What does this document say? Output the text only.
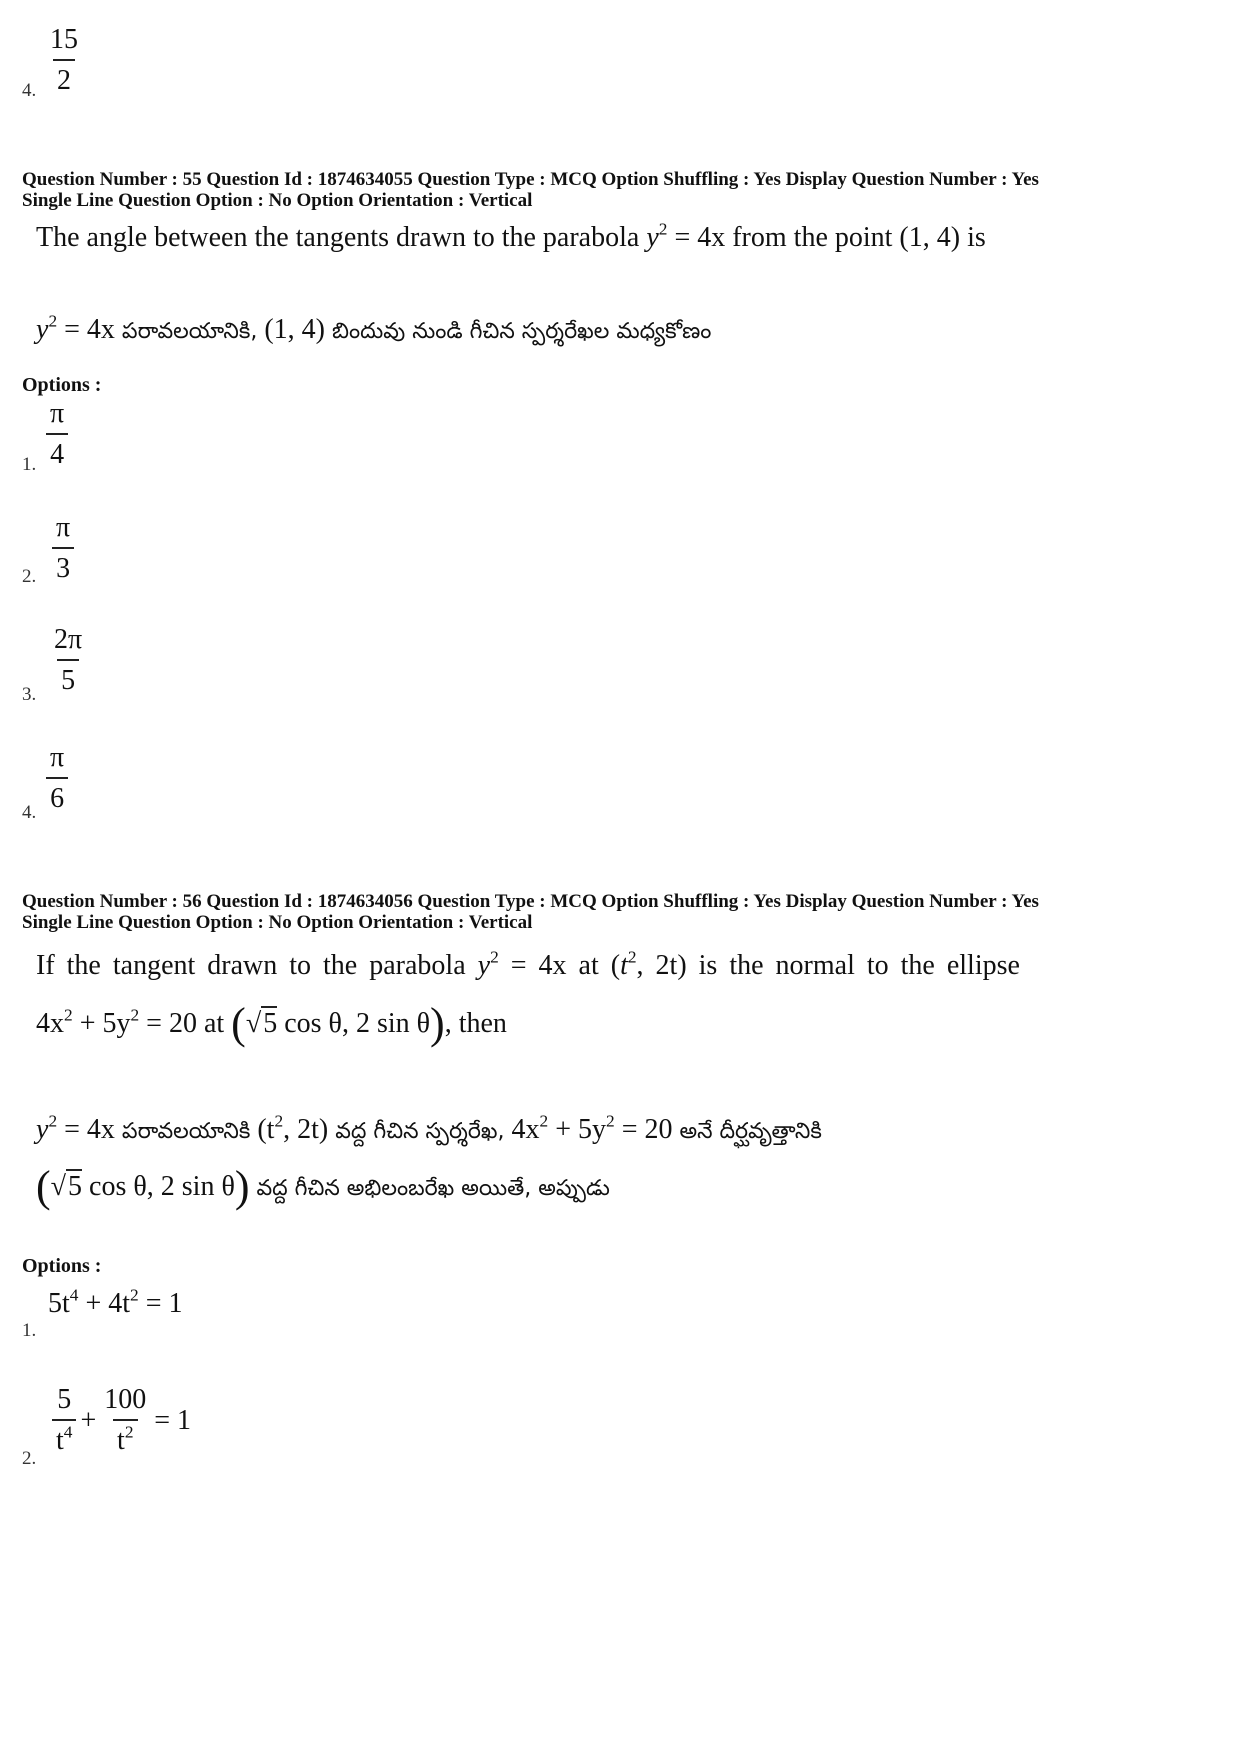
4. $\frac{15}{2}$
Question Number : 55 Question Id : 1874634055 Question Type : MCQ Option Shuffling : Yes Display Question Number : Yes
Single Line Question Option : No Option Orientation : Vertical
The angle between the tangents drawn to the parabola $y^2 = 4x$ from the point (1, 4) is
$y^2 = 4x$ పరావలయానికి, (1, 4) బిందువు నుండి గీచిన స్పర్శరేఖల మధ్యకోణం
Options :
1. $\frac{\pi}{4}$
2. $\frac{\pi}{3}$
3. $\frac{2\pi}{5}$
4. $\frac{\pi}{6}$
Question Number : 56 Question Id : 1874634056 Question Type : MCQ Option Shuffling : Yes Display Question Number : Yes
Single Line Question Option : No Option Orientation : Vertical
If the tangent drawn to the parabola $y^2 = 4x$ at ($t^2$, 2t) is the normal to the ellipse
$4x^2 + 5y^2 = 20$ at (√5 cos θ, 2 sin θ), then
$y^2 = 4x$ పరావలయానికి ($t^2$, 2t) వద్ద గీచిన స్పర్శరేఖ, $4x^2 + 5y^2 = 20$ అనే దీర్ఘవృత్తానికి
(√5 cos θ, 2 sin θ) వద్ద గీచిన అభిలంబరేఖ అయితే, అప్పుడు
Options :
1.
$5t^4 + 4t^2 = 1$
2.
$\frac{5}{t^4} + \frac{100}{t^2} = 1$
